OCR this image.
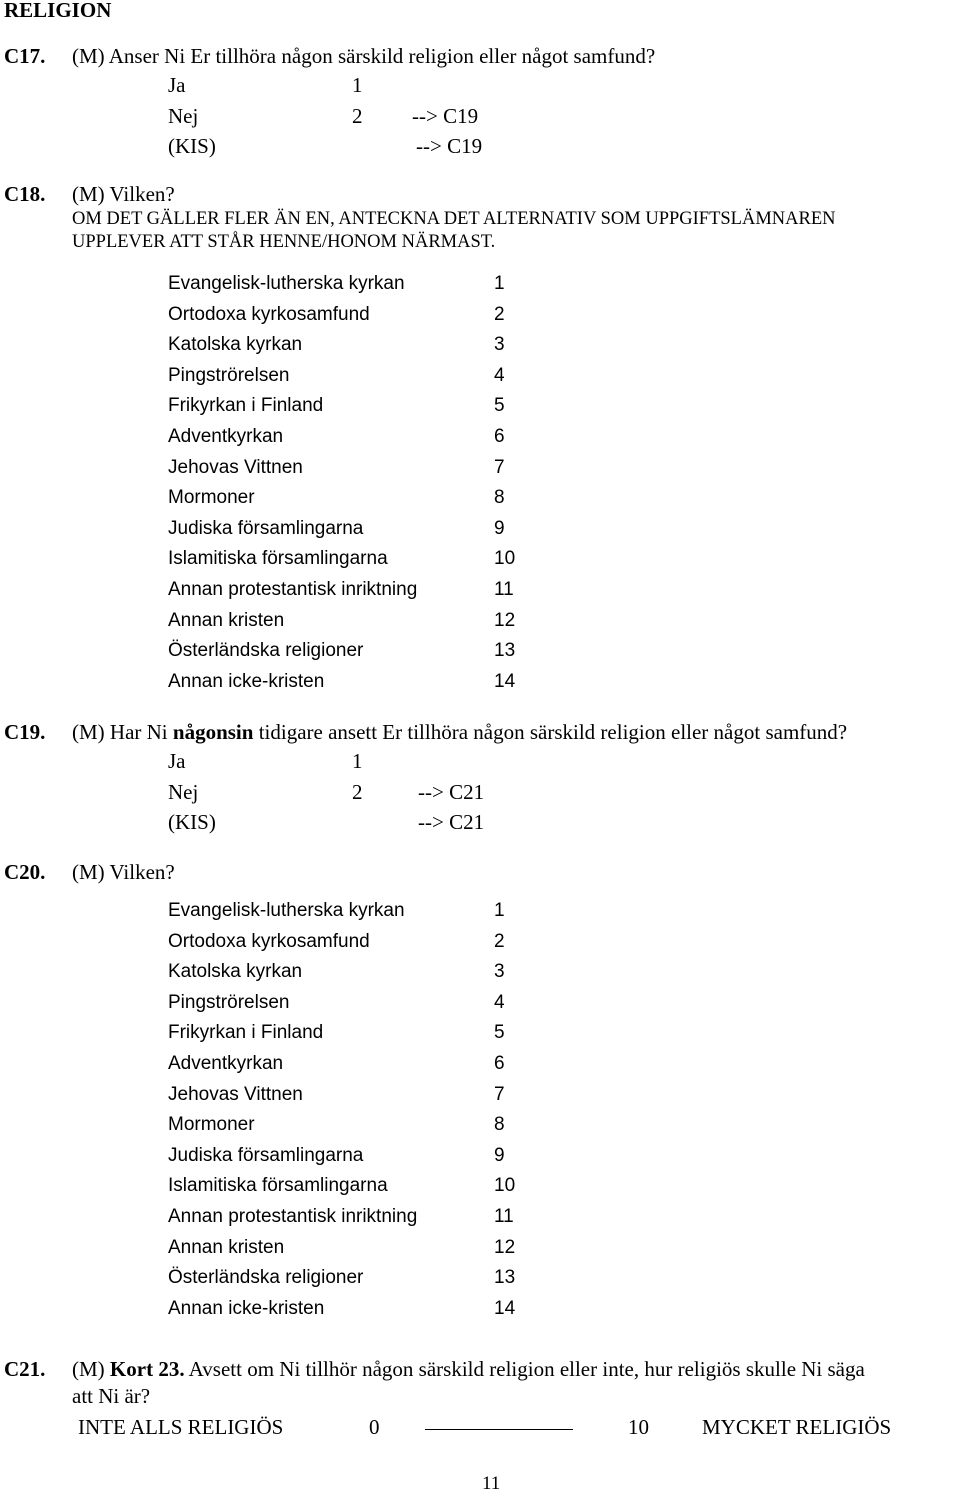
RELIGION
C17. (M) Anser Ni Er tillhöra någon särskild religion eller något samfund?
Ja	1
Nej	2 --> C19
(KIS)	--> C19
C18. (M) Vilken?
OM DET GÄLLER FLER ÄN EN, ANTECKNA DET ALTERNATIV SOM UPPGIFTSLÄMNAREN
UPPLEVER ATT STÅR HENNE/HONOM NÄRMAST.
Evangelisk-lutherska kyrkan	1
Ortodoxa kyrkosamfund	2
Katolska kyrkan	3
Pingströrelsen	4
Frikyrkan i Finland	5
Adventkyrkan	6
Jehovas Vittnen	7
Mormoner	8
Judiska församlingarna	9
Islamitiska församlingarna	10
Annan protestantisk inriktning	11
Annan kristen	12
Österländska religioner	13
Annan icke-kristen	14
C19. (M) Har Ni någonsin tidigare ansett Er tillhöra någon särskild religion eller något samfund?
Ja	1
Nej	2	--> C21
(KIS)	--> C21
C20. (M) Vilken?
Evangelisk-lutherska kyrkan	1
Ortodoxa kyrkosamfund	2
Katolska kyrkan	3
Pingströrelsen	4
Frikyrkan i Finland	5
Adventkyrkan	6
Jehovas Vittnen	7
Mormoner	8
Judiska församlingarna	9
Islamitiska församlingarna	10
Annan protestantisk inriktning	11
Annan kristen	12
Österländska religioner	13
Annan icke-kristen	14
C21. (M) Kort 23. Avsett om Ni tillhör någon särskild religion eller inte, hur religiös skulle Ni säga
att Ni är?
INTE ALLS RELIGIÖS	0	10	MYCKET RELIGIÖS
11
